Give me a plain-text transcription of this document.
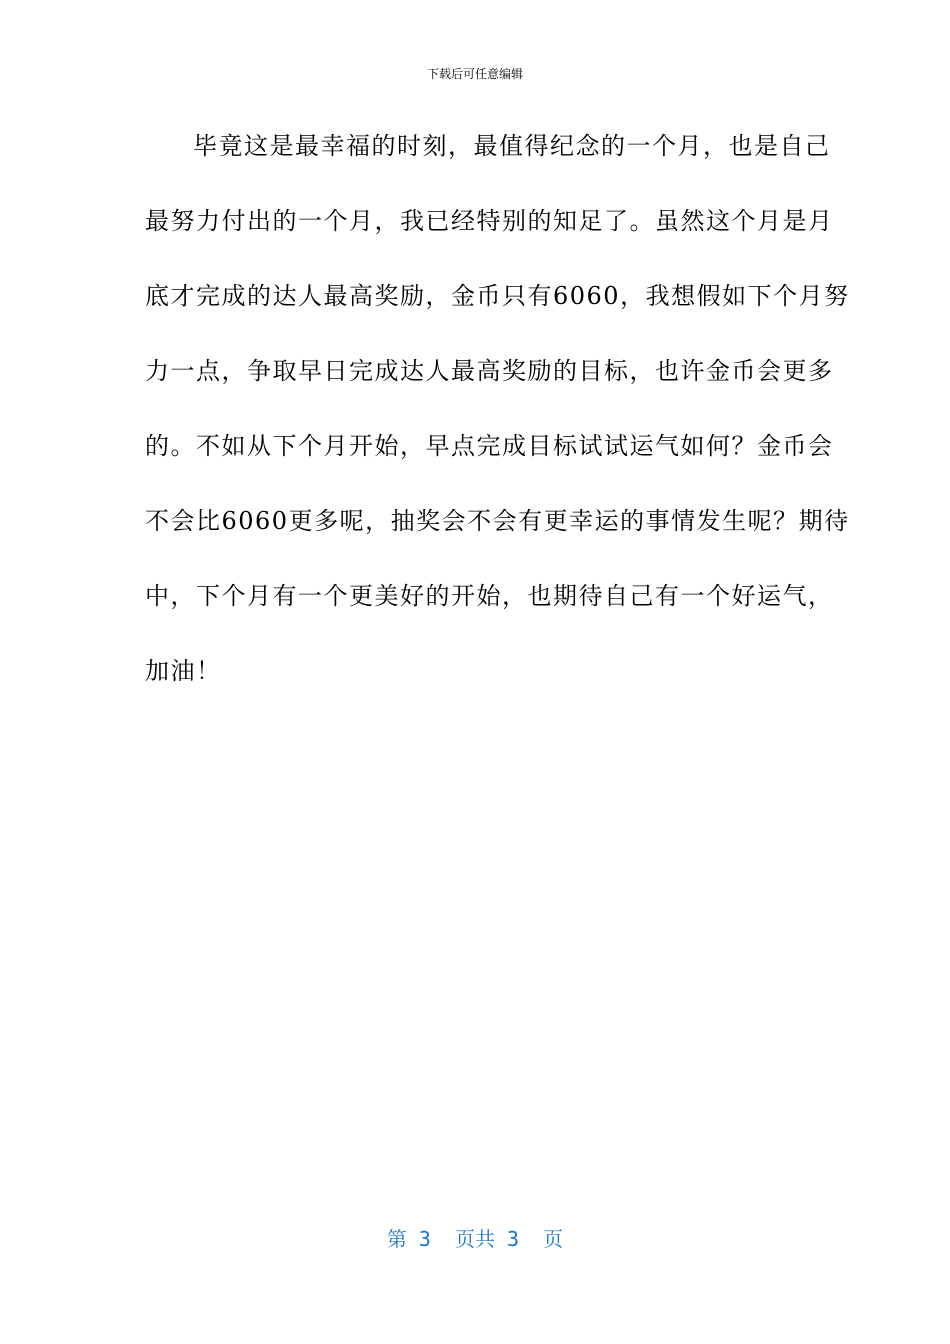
下载后可任意编辑
毕竟这是最幸福的时刻，最值得纪念的一个月，也是自己
最努力付出的一个月，我已经特别的知足了。虽然这个月是月
底才完成的达人最高奖励，金币只有6060，我想假如下个月努
力一点，争取早日完成达人最高奖励的目标，也许金币会更多
的。不如从下个月开始，早点完成目标试试运气如何？金币会
不会比6060更多呢，抽奖会不会有更幸运的事情发生呢？期待
中，下个月有一个更美好的开始，也期待自己有一个好运气，
加油！
第 3  页共 3  页
